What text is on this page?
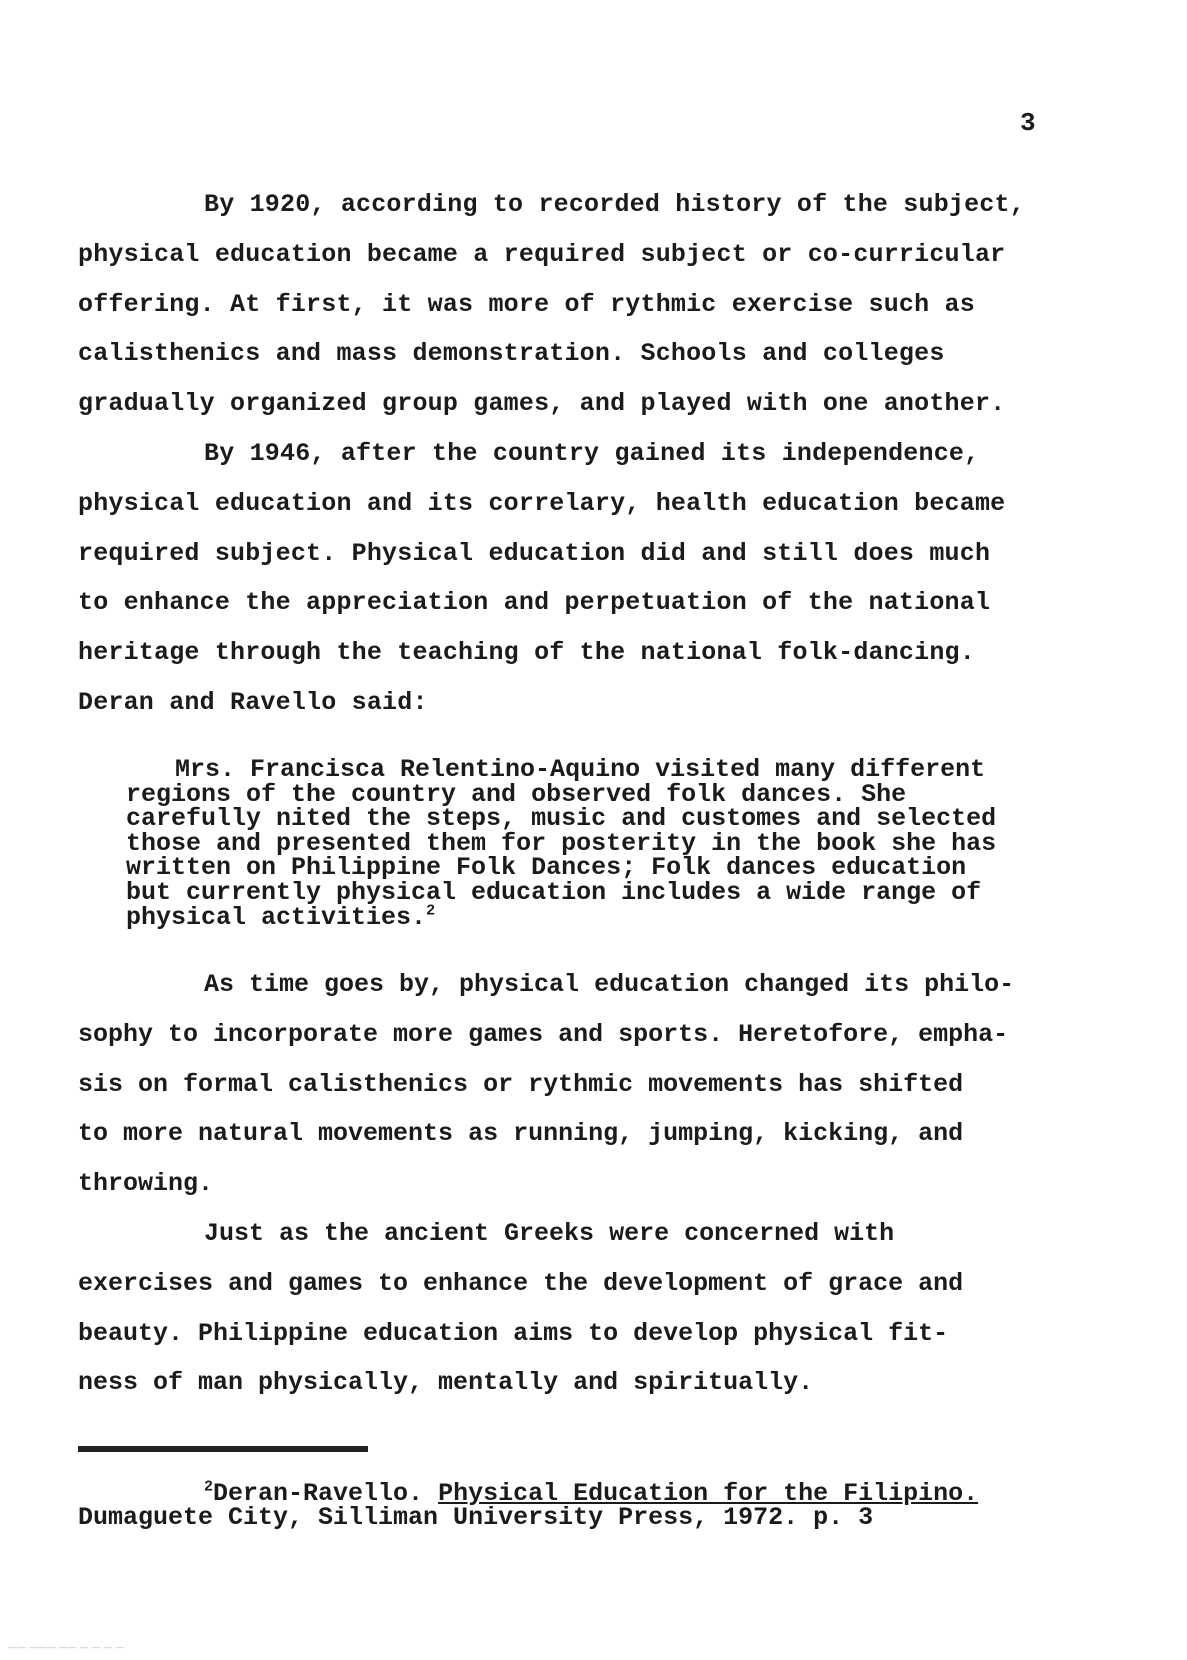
3
By 1920, according to recorded history of the subject,
physical education became a required subject or co-curricular
offering. At first, it was more of rythmic exercise such as
calisthenics and mass demonstration. Schools and colleges
gradually organized group games, and played with one another.
By 1946, after the country gained its independence,
physical education and its correlary, health education became
required subject. Physical education did and still does much
to enhance the appreciation and perpetuation of the national
heritage through the teaching of the national folk-dancing.
Deran and Ravello said:
Mrs. Francisca Relentino-Aquino visited many different
regions of the country and observed folk dances. She
carefully nited the steps, music and customes and selected
those and presented them for posterity in the book she has
written on Philippine Folk Dances; Folk dances education
but currently physical education includes a wide range of
physical activities.$^2$
As time goes by, physical education changed its philo-
sophy to incorporate more games and sports. Heretofore, empha-
sis on formal calisthenics or rythmic movements has shifted
to more natural movements as running, jumping, kicking, and
throwing.
Just as the ancient Greeks were concerned with
exercises and games to enhance the development of grace and
beauty. Philippine education aims to develop physical fit-
ness of man physically, mentally and spiritually.
$^2$Deran-Ravello. Physical Education for the Filipino.
Dumaguete City, Silliman University Press, 1972. p. 3
—— ——— —— — — — —
